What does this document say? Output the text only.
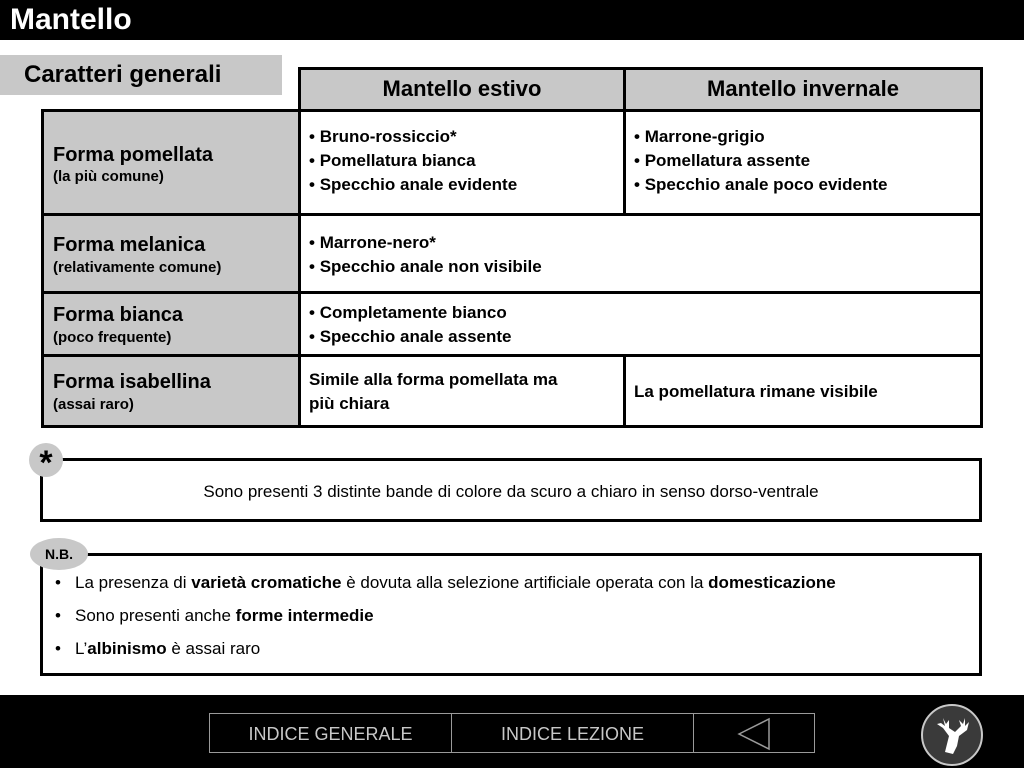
Mantello
Caratteri generali
Mantello estivo	Mantello invernale
Forma pomellata
(la più comune)
• Bruno-rossiccio*
• Pomellatura bianca
• Specchio anale evidente
• Marrone-grigio
• Pomellatura assente
• Specchio anale poco evidente
Forma melanica
(relativamente comune)
• Marrone-nero*
• Specchio anale non visibile
Forma bianca
(poco frequente)
• Completamente bianco
• Specchio anale assente
Forma isabellina
(assai raro)
Simile alla forma pomellata ma
più chiara
La pomellatura rimane visibile
Sono presenti 3 distinte bande di colore da scuro a chiaro in senso dorso-ventrale
*
• La presenza di varietà cromatiche è dovuta alla selezione artificiale operata con la domesticazione
• Sono presenti anche forme intermedie
• L’albinismo è assai raro
N.B.
INDICE GENERALE	INDICE LEZIONE
